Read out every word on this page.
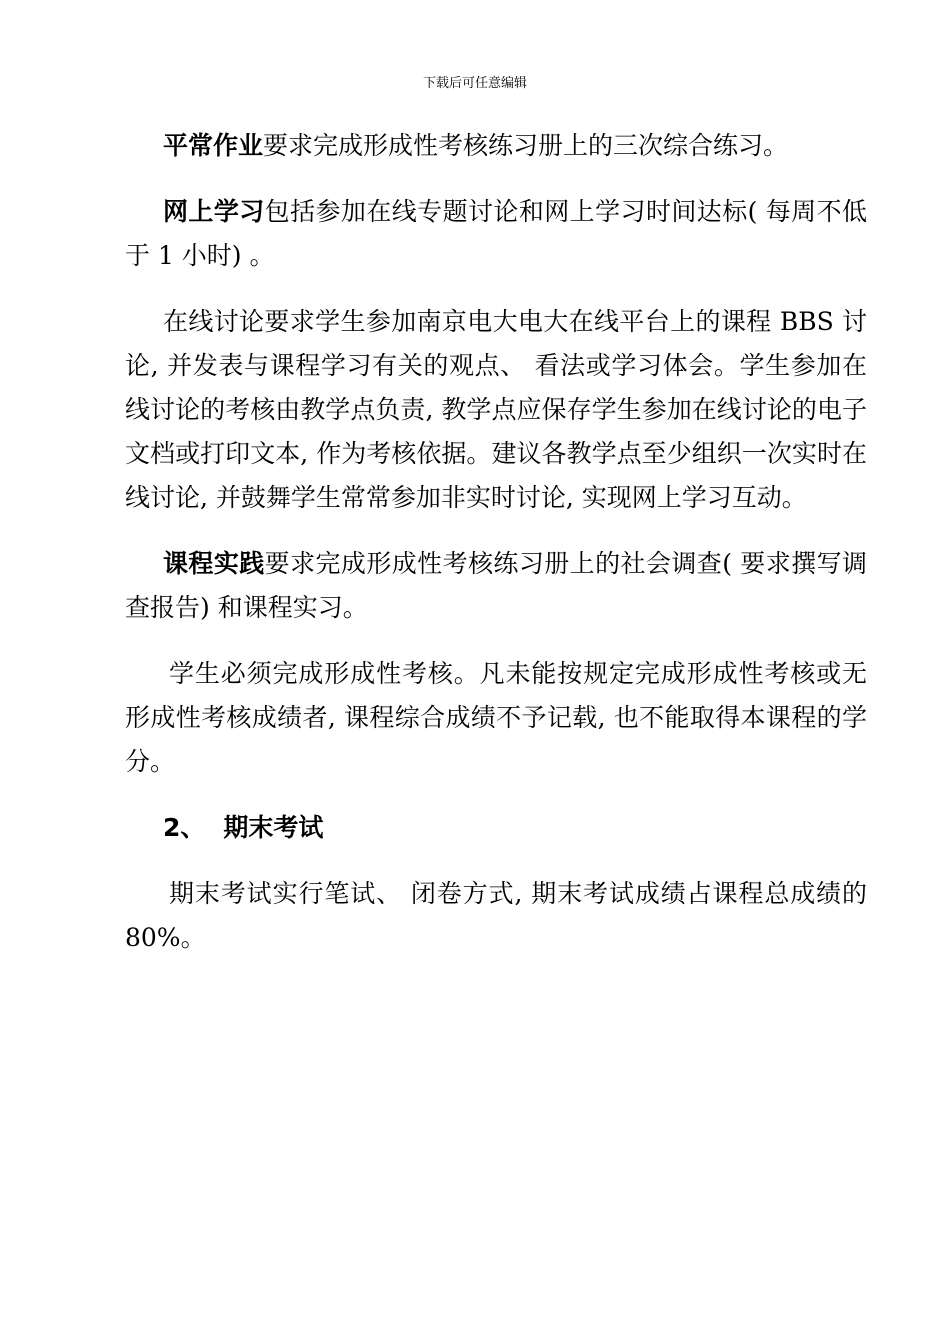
下载后可任意编辑

平常作业要求完成形成性考核练习册上的三次综合练习。

网上学习包括参加在线专题讨论和网上学习时间达标( 每周不低于 1 小时) 。

在线讨论要求学生参加南京电大电大在线平台上的课程 BBS 讨论, 并发表与课程学习有关的观点、 看法或学习体会。学生参加在线讨论的考核由教学点负责, 教学点应保存学生参加在线讨论的电子文档或打印文本, 作为考核依据。建议各教学点至少组织一次实时在线讨论, 并鼓舞学生常常参加非实时讨论, 实现网上学习互动。

课程实践要求完成形成性考核练习册上的社会调查( 要求撰写调查报告) 和课程实习。

学生必须完成形成性考核。凡未能按规定完成形成性考核或无形成性考核成绩者, 课程综合成绩不予记载, 也不能取得本课程的学分。

2、 期末考试

期末考试实行笔试、 闭卷方式, 期末考试成绩占课程总成绩的 80%。
